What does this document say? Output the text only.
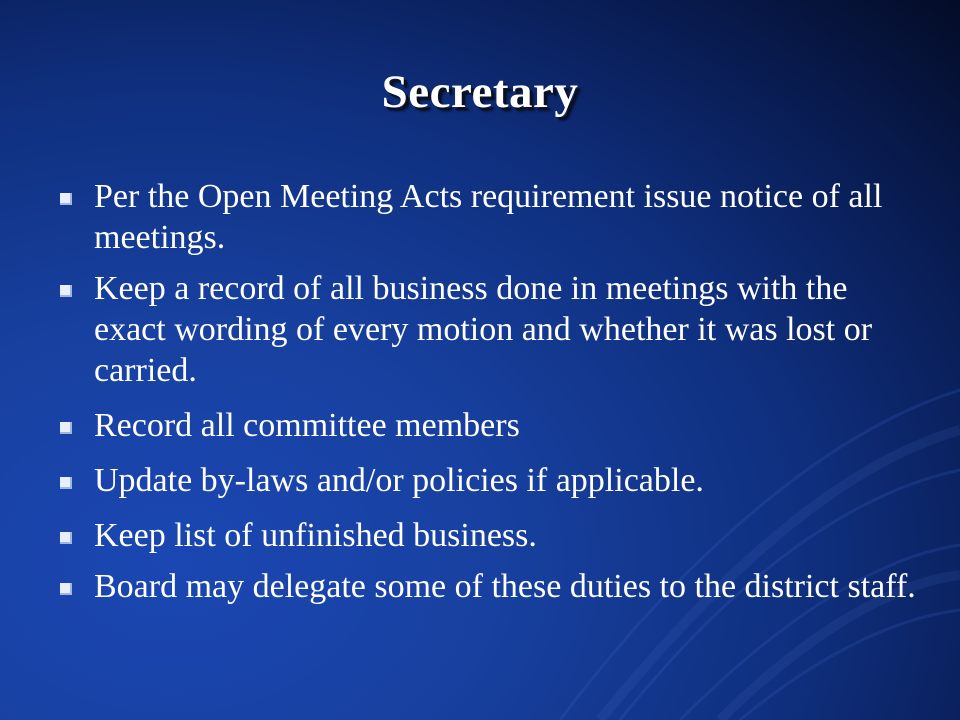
Secretary
Per the Open Meeting Acts requirement issue notice of all meetings.
Keep a record of all business done in meetings with the exact wording of every motion and whether it was lost or carried.
Record all committee members
Update by-laws and/or policies if applicable.
Keep list of unfinished business.
Board may delegate some of these duties to the district staff.
